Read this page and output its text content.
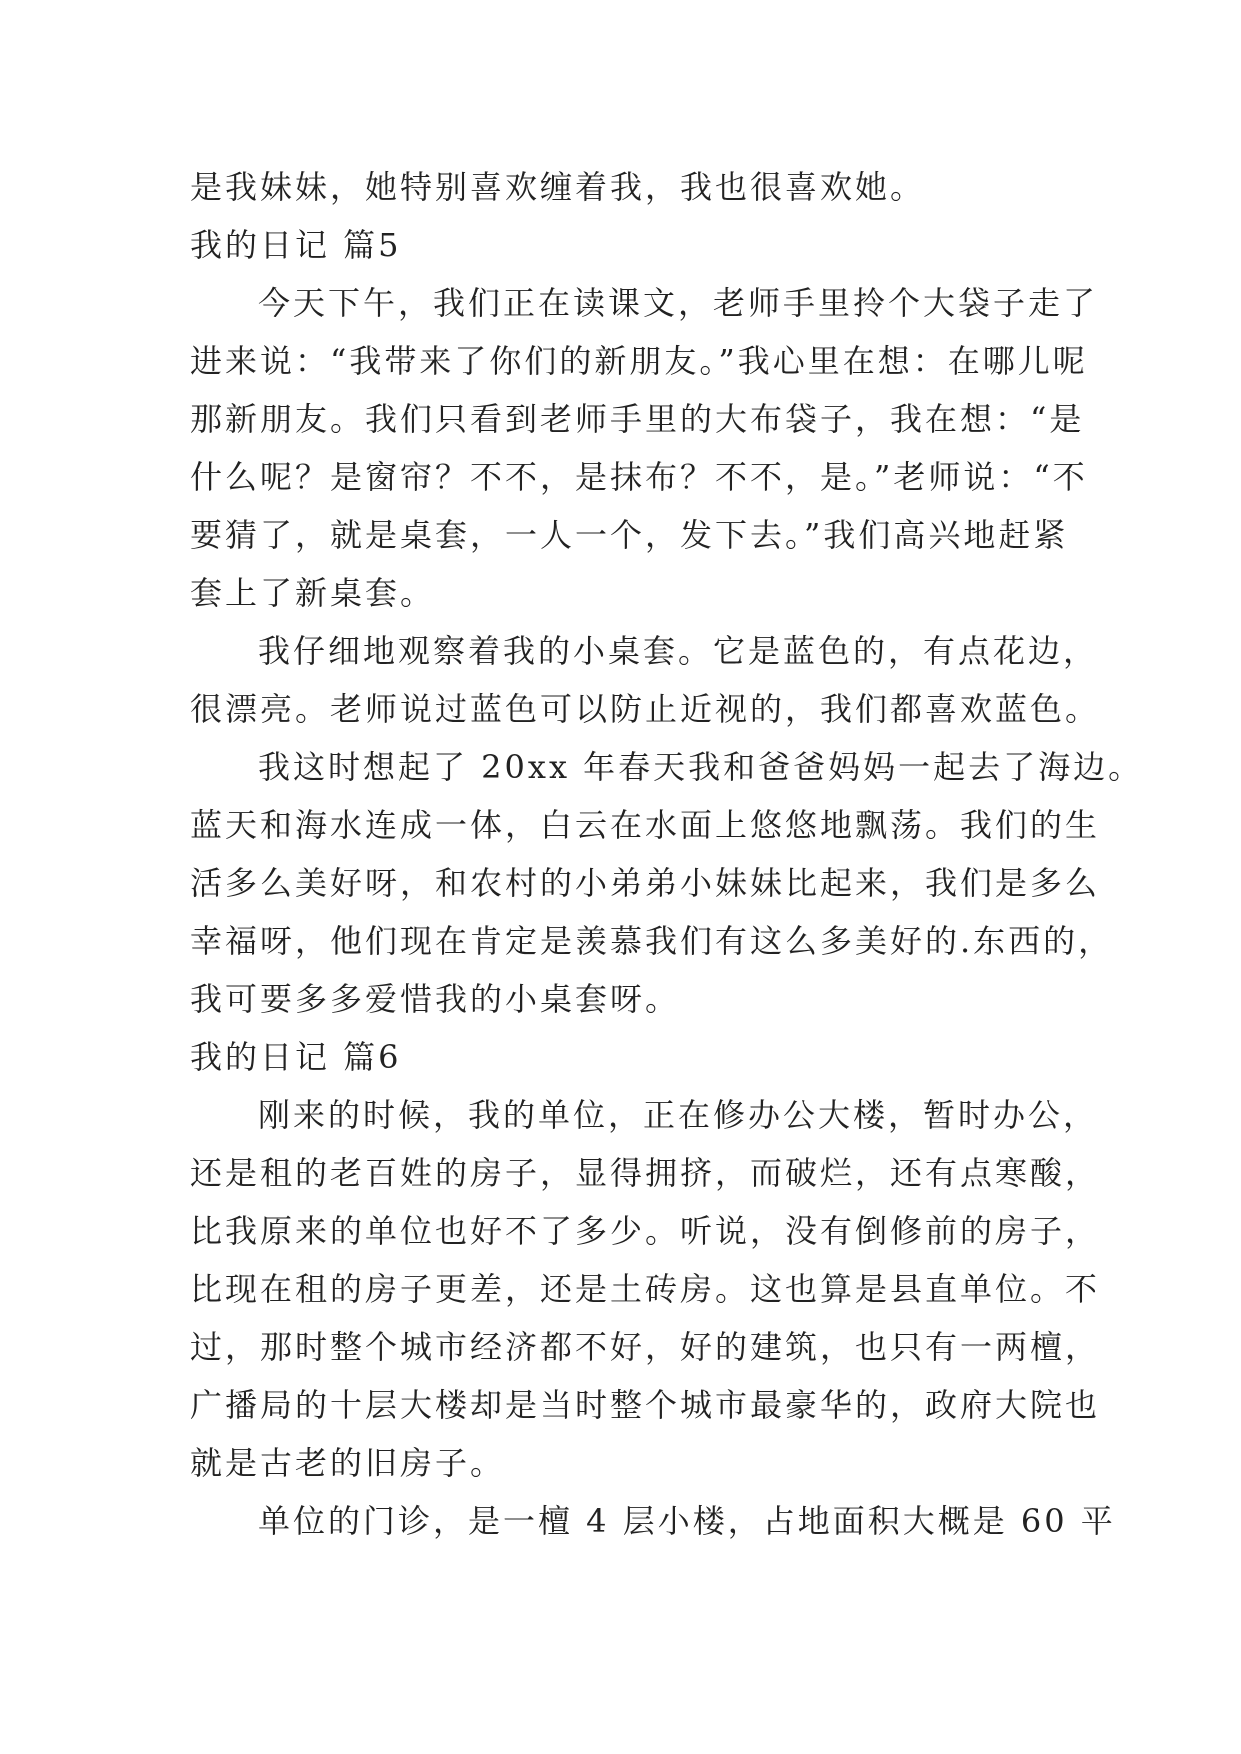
是我妹妹，她特别喜欢缠着我，我也很喜欢她。
我的日记 篇5
今天下午，我们正在读课文，老师手里拎个大袋子走了
进来说：“我带来了你们的新朋友。”我心里在想：在哪儿呢
那新朋友。我们只看到老师手里的大布袋子，我在想：“是
什么呢？是窗帘？不不，是抹布？不不，是。”老师说：“不
要猜了，就是桌套，一人一个，发下去。”我们高兴地赶紧
套上了新桌套。
我仔细地观察着我的小桌套。它是蓝色的，有点花边，
很漂亮。老师说过蓝色可以防止近视的，我们都喜欢蓝色。
我这时想起了 20xx 年春天我和爸爸妈妈一起去了海边。
蓝天和海水连成一体，白云在水面上悠悠地飘荡。我们的生
活多么美好呀，和农村的小弟弟小妹妹比起来，我们是多么
幸福呀，他们现在肯定是羡慕我们有这么多美好的.东西的，
我可要多多爱惜我的小桌套呀。
我的日记 篇6
刚来的时候，我的单位，正在修办公大楼，暂时办公，
还是租的老百姓的房子，显得拥挤，而破烂，还有点寒酸，
比我原来的单位也好不了多少。听说，没有倒修前的房子，
比现在租的房子更差，还是土砖房。这也算是县直单位。不
过，那时整个城市经济都不好，好的建筑，也只有一两檀，
广播局的十层大楼却是当时整个城市最豪华的，政府大院也
就是古老的旧房子。
单位的门诊，是一檀 4 层小楼，占地面积大概是 60 平
